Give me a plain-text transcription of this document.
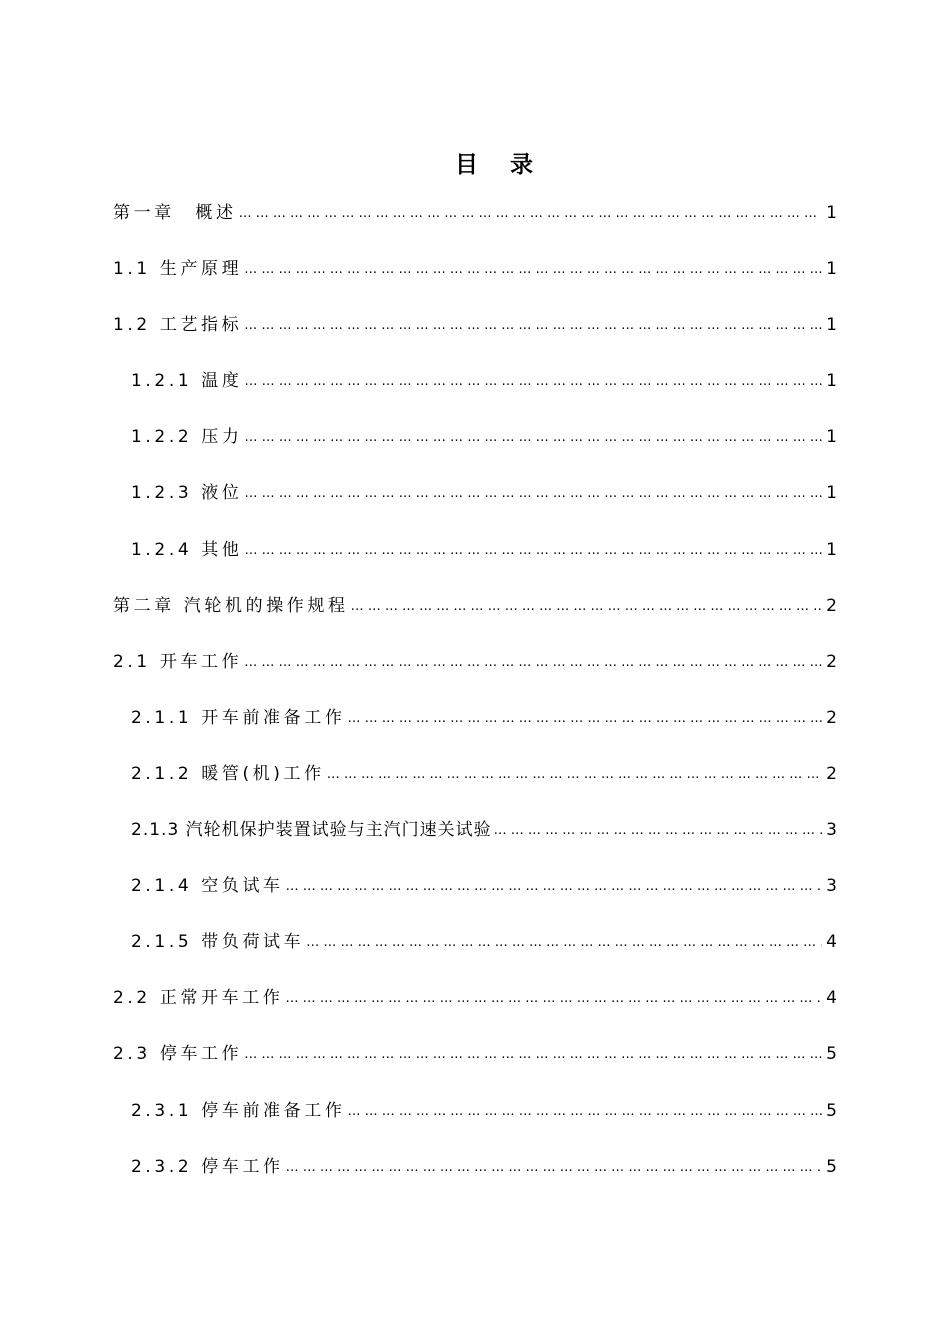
目 录
第一章　概述 … … … … … … … … … … … … … … … … … … … … … … … … … … … … … … … … … … … … … … … … … … … … … … … … … … … … … … … … … … … … … …	1
1.1 生产原理 … … … … … … … … … … … … … … … … … … … … … … … … … … … … … … … … … … … … … … … … … … … … … … … … … … … … … … … … … … … … … …	1
1.2 工艺指标 … … … … … … … … … … … … … … … … … … … … … … … … … … … … … … … … … … … … … … … … … … … … … … … … … … … … … … … … … … … … … …	1
1.2.1 温度 … … … … … … … … … … … … … … … … … … … … … … … … … … … … … … … … … … … … … … … … … … … … … … … … … … … … … … … … … … … … … …	1
1.2.2 压力 … … … … … … … … … … … … … … … … … … … … … … … … … … … … … … … … … … … … … … … … … … … … … … … … … … … … … … … … … … … … … …	1
1.2.3 液位 … … … … … … … … … … … … … … … … … … … … … … … … … … … … … … … … … … … … … … … … … … … … … … … … … … … … … … … … … … … … … …	1
1.2.4 其他 … … … … … … … … … … … … … … … … … … … … … … … … … … … … … … … … … … … … … … … … … … … … … … … … … … … … … … … … … … … … … …	1
第二章 汽轮机的操作规程 … … … … … … … … … … … … … … … … … … … … … … … … … … … … … … … … … … … … … … … … … … … … … … … … … … … … … … … … … … … … … …	2
2.1 开车工作 … … … … … … … … … … … … … … … … … … … … … … … … … … … … … … … … … … … … … … … … … … … … … … … … … … … … … … … … … … … … … …	2
2.1.1 开车前准备工作 … … … … … … … … … … … … … … … … … … … … … … … … … … … … … … … … … … … … … … … … … … … … … … … … … … … … … … … … … … … … … …	2
2.1.2 暖管(机)工作 … … … … … … … … … … … … … … … … … … … … … … … … … … … … … … … … … … … … … … … … … … … … … … … … … … … … … … … … … … … … … …	2
2.1.3 汽轮机保护装置试验与主汽门速关试验 … … … … … … … … … … … … … … … … … … … … … … … … … … … … … … … … … … … … … … … … … … … … … … … … … … … … … … … … … … … … … …	3
2.1.4 空负试车 … … … … … … … … … … … … … … … … … … … … … … … … … … … … … … … … … … … … … … … … … … … … … … … … … … … … … … … … … … … … … …	3
2.1.5 带负荷试车 … … … … … … … … … … … … … … … … … … … … … … … … … … … … … … … … … … … … … … … … … … … … … … … … … … … … … … … … … … … … … …	4
2.2 正常开车工作 … … … … … … … … … … … … … … … … … … … … … … … … … … … … … … … … … … … … … … … … … … … … … … … … … … … … … … … … … … … … … …	4
2.3 停车工作 … … … … … … … … … … … … … … … … … … … … … … … … … … … … … … … … … … … … … … … … … … … … … … … … … … … … … … … … … … … … … …	5
2.3.1 停车前准备工作 … … … … … … … … … … … … … … … … … … … … … … … … … … … … … … … … … … … … … … … … … … … … … … … … … … … … … … … … … … … … … …	5
2.3.2 停车工作 … … … … … … … … … … … … … … … … … … … … … … … … … … … … … … … … … … … … … … … … … … … … … … … … … … … … … … … … … … … … … …	5
